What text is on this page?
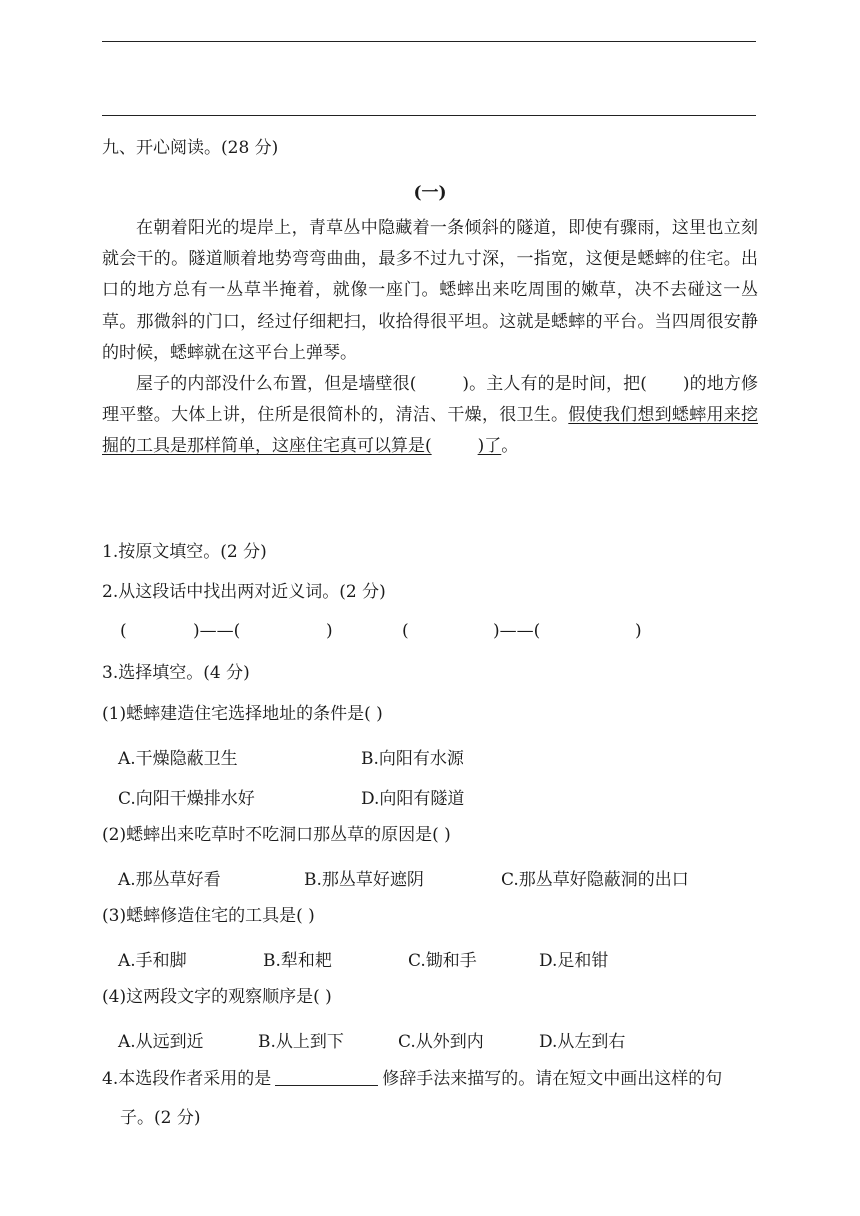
九、开心阅读。(28 分)
(一)

在朝着阳光的堤岸上，青草丛中隐藏着一条倾斜的隧道，即使有骤雨，这里也立刻就会干的。隧道顺着地势弯弯曲曲，最多不过九寸深，一指宽，这便是蟋蟀的住宅。出口的地方总有一丛草半掩着，就像一座门。蟋蟀出来吃周围的嫩草，决不去碰这一丛草。那微斜的门口，经过仔细耙扫，收拾得很平坦。这就是蟋蟀的平台。当四周很安静的时候，蟋蟀就在这平台上弹琴。

屋子的内部没什么布置，但是墙壁很(	)。主人有的是时间，把( )的地方修理平整。大体上讲，住所是很简朴的，清洁、干燥，很卫生。假使我们想到蟋蟀用来挖掘的工具是那样简单，这座住宅真可以算是(	)了。

1.按原文填空。(2 分)
2.从这段话中找出两对近义词。(2 分)
(	)——(	)	(	)——(	)
3.选择填空。(4 分)
(1)蟋蟀建造住宅选择地址的条件是( )
A.干燥隐蔽卫生	B.向阳有水源
C.向阳干燥排水好	D.向阳有隧道
(2)蟋蟀出来吃草时不吃洞口那丛草的原因是( )
A.那丛草好看	B.那丛草好遮阴	C.那丛草好隐蔽洞的出口
(3)蟋蟀修造住宅的工具是( )
A.手和脚	B.犁和耙	C.锄和手	D.足和钳
(4)这两段文字的观察顺序是( )
A.从远到近	B.从上到下	C.从外到内	D.从左到右
4.本选段作者采用的是	修辞手法来描写的。请在短文中画出这样的句
子。(2 分)
